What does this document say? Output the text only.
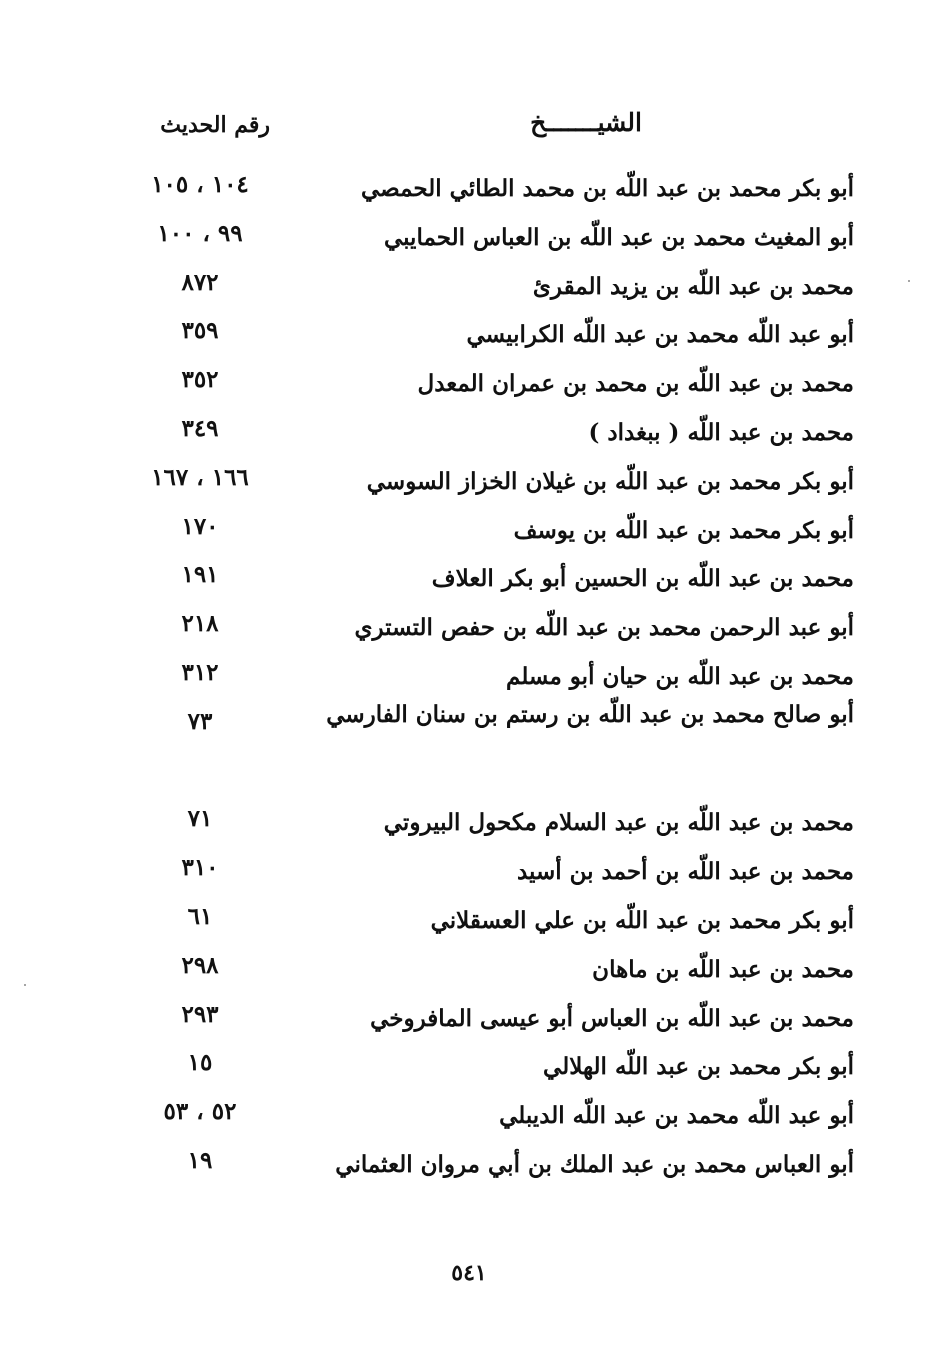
الشيـــــــخ
رقم الحديث
أبو بكر محمد بن عبد اللّه بن محمد الطائي الحمصي
١٠٤ ، ١٠٥
أبو المغيث محمد بن عبد اللّه بن العباس الحمايبي
٩٩ ، ١٠٠
محمد بن عبد اللّه بن يزيد المقرئ
٨٧٢
أبو عبد اللّه محمد بن عبد اللّه الكرابيسي
٣٥٩
محمد بن عبد اللّه بن محمد بن عمران المعدل
٣٥٢
محمد بن عبد اللّه ( ببغداد )
٣٤٩
أبو بكر محمد بن عبد اللّه بن غيلان الخزاز السوسي
١٦٦ ، ١٦٧
أبو بكر محمد بن عبد اللّه بن يوسف
١٧٠
محمد بن عبد اللّه بن الحسين أبو بكر العلاف
١٩١
أبو عبد الرحمن محمد بن عبد اللّه بن حفص التستري
٢١٨
محمد بن عبد اللّه بن حيان أبو مسلم
٣١٢
أبو صالح محمد بن عبد اللّه بن رستم بن سنان الفارسي
٧٣
محمد بن عبد اللّه بن عبد السلام مكحول البيروتي
٧١
محمد بن عبد اللّه بن أحمد بن أسيد
٣١٠
أبو بكر محمد بن عبد اللّه بن علي العسقلاني
٦١
محمد بن عبد اللّه بن ماهان
٢٩٨
محمد بن عبد اللّه بن العباس أبو عيسى المافروخي
٢٩٣
أبو بكر محمد بن عبد اللّه الهلالي
١٥
أبو عبد اللّه محمد بن عبد اللّه الديبلي
٥٢ ، ٥٣
أبو العباس محمد بن عبد الملك بن أبي مروان العثماني
١٩
٥٤١
